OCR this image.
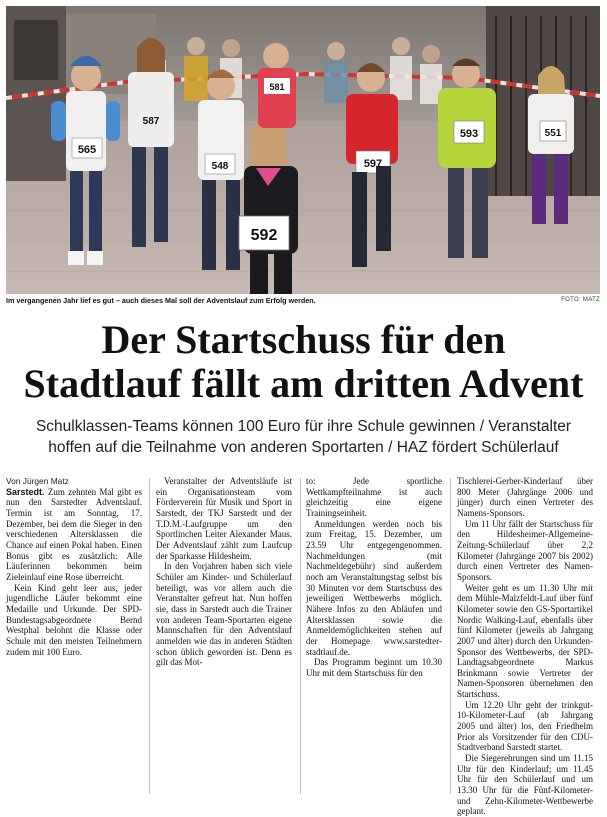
565
587
548
592
581
597
593	551
Im vergangenen Jahr lief es gut – auch dieses Mal soll der Adventslauf zum Erfolg werden.	FOTO: MATZ
Der Startschuss für den
Stadtlauf fällt am dritten Advent
Schulklassen-Teams können 100 Euro für ihre Schule gewinnen / Veranstalter
hoffen auf die Teilnahme von anderen Sportarten / HAZ fördert Schülerlauf

Von Jürgen Matz

Sarstedt. Zum zehnten Mal gibt es nun den Sarstedter Adventslauf. Termin ist am Sonntag, 17. Dezember, bei dem die Sieger in den verschiedenen Altersklassen die Chance auf einen Pokal haben. Einen Bonus gibt es zusätzlich: Alle Läuferinnen bekommen beim Zieleinlauf eine Rose überreicht.

Kein Kind geht leer aus, jeder jugendliche Läufer bekommt eine Medaille und Urkunde. Der SPD-Bundestagsabgeordnete Bernd Westphal belohnt die Klasse oder Schule mit den meisten Teilnehmern zudem mit 100 Euro.

Veranstalter der Adventsläufe ist ein Organisationsteam vom Förderverein für Musik und Sport in Sarstedt, der TKJ Sarstedt und der T.D.M.-Laufgruppe um den Sportlinchen Leiter Alexander Maus. Der Adventslauf zählt zum Laufcup der Sparkasse Hildesheim.

In den Vorjahren haben sich viele Schüler am Kinder- und Schülerlauf beteiligt, was vor allem auch die Veranstalter gefreut hat. Nun hoffen sie, dass in Sarstedt auch die Trainer von anderen Team-Sportarten eigene Mannschaften für den Adventslauf anmelden wie das in anderen Städten schon üblich geworden ist. Denn es gilt das Mot-

to: Jede sportliche Wettkampfteilnahme ist auch gleichzeitig eine eigene Trainingseinheit.

Anmeldungen werden noch bis zum Freitag, 15. Dezember, um 23.59 Uhr entgegengenommen. Nachmeldungen (mit Nachmeldegebühr) sind außerdem noch am Veranstaltungstag selbst bis 30 Minuten vor dem Startschuss des jeweiligen Wettbewerbs möglich. Nähere Infos zu den Abläufen und Altersklassen sowie die Anmeldemöglichkeiten stehen auf der Homepage www.sarstedter-stadtlauf.de.

Das Programm beginnt um 10.30 Uhr mit dem Startschuss für den

Tischlerei-Gerber-Kinderlauf über 800 Meter (Jahrgänge 2006 und jünger) durch einen Vertreter des Namens-Sponsors.

Um 11 Uhr fällt der Startschuss für den Hildesheimer-Allgemeine-Zeitung-Schülerlauf über 2,2 Kilometer (Jahrgänge 2007 bis 2002) durch einen Vertreter des Namen-Sponsors.

Weiter geht es um 11.30 Uhr mit dem Mühle-Malzfeldt-Lauf über fünf Kilometer sowie den GS-Sportartikel Nordic Walking-Lauf, ebenfalls über fünf Kilometer (jeweils ab Jahrgang 2007 und älter) durch den Urkunden-Sponsor des Wettbewerbs, der SPD-Landtagsabgeordnete Markus Brinkmann sowie Vertreter der Namen-Sponsoren übernehmen den Startschuss.

Um 12.20 Uhr geht der trinkgut-10-Kilometer-Lauf (ab Jahrgang 2005 und älter) los, den Friedhelm Prior als Vorsitzender für den CDU-Stadtverband Sarstedt startet.

Die Siegerehrungen sind um 11.15 Uhr für den Kinderlauf; um 11.45 Uhr für den Schülerlauf und um 13.30 Uhr für die Fünf-Kilometer- und Zehn-Kilometer-Wettbewerbe geplant.
